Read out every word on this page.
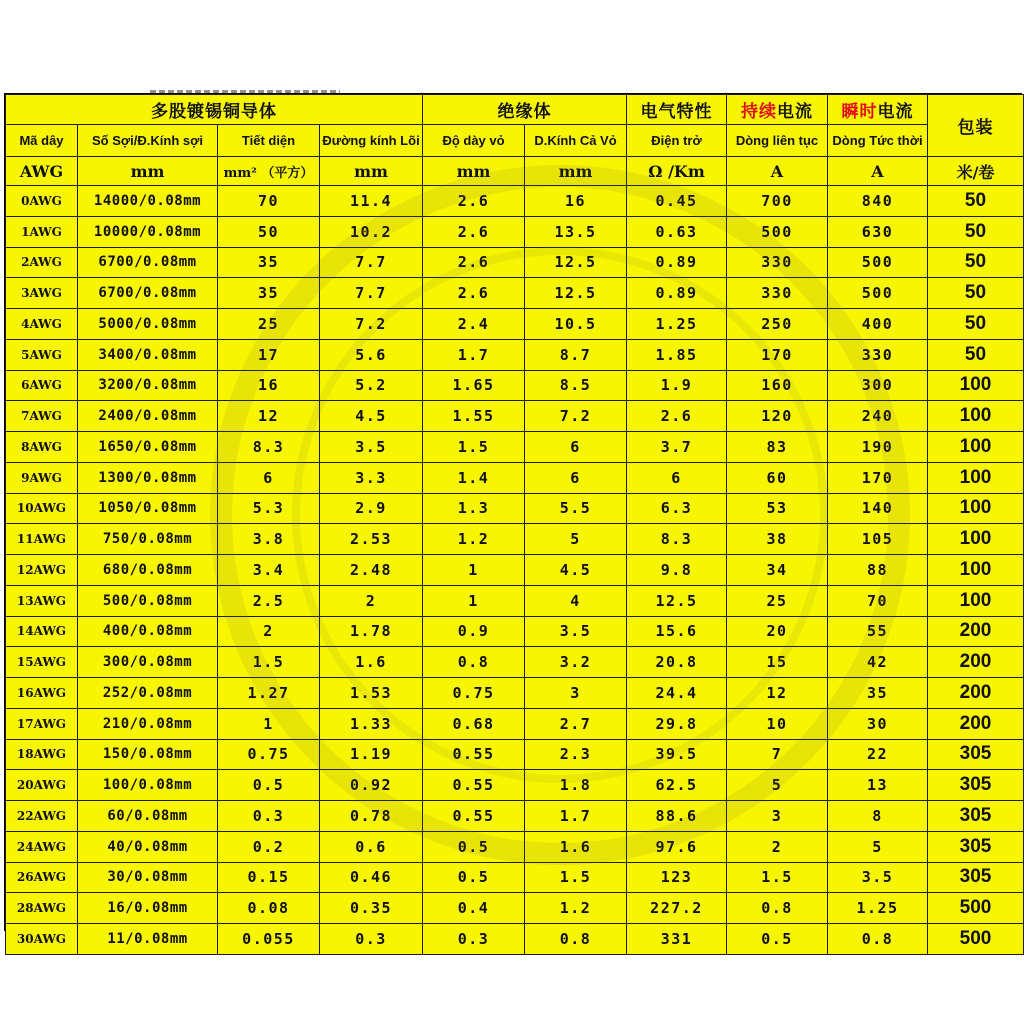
多股镀锡铜导体				绝缘体		电气特性	持续电流	瞬时电流	包装
Mã dây	Số Sợi/Đ.Kính sợi	Tiết diện	Đường kính Lõi	Độ dày vỏ	D.Kính Cả Vỏ	Điện trở	Dòng liên tục	Dòng Tức thời	
AWG	mm	mm² （平方）	mm	mm	mm	Ω /Km	A	A	米/卷
0AWG	14000/0.08mm	70	11.4	2.6	16	0.45	700	840	50
1AWG	10000/0.08mm	50	10.2	2.6	13.5	0.63	500	630	50
2AWG	6700/0.08mm	35	7.7	2.6	12.5	0.89	330	500	50
3AWG	6700/0.08mm	35	7.7	2.6	12.5	0.89	330	500	50
4AWG	5000/0.08mm	25	7.2	2.4	10.5	1.25	250	400	50
5AWG	3400/0.08mm	17	5.6	1.7	8.7	1.85	170	330	50
6AWG	3200/0.08mm	16	5.2	1.65	8.5	1.9	160	300	100
7AWG	2400/0.08mm	12	4.5	1.55	7.2	2.6	120	240	100
8AWG	1650/0.08mm	8.3	3.5	1.5	6	3.7	83	190	100
9AWG	1300/0.08mm	6	3.3	1.4	6	6	60	170	100
10AWG	1050/0.08mm	5.3	2.9	1.3	5.5	6.3	53	140	100
11AWG	750/0.08mm	3.8	2.53	1.2	5	8.3	38	105	100
12AWG	680/0.08mm	3.4	2.48	1	4.5	9.8	34	88	100
13AWG	500/0.08mm	2.5	2	1	4	12.5	25	70	100
14AWG	400/0.08mm	2	1.78	0.9	3.5	15.6	20	55	200
15AWG	300/0.08mm	1.5	1.6	0.8	3.2	20.8	15	42	200
16AWG	252/0.08mm	1.27	1.53	0.75	3	24.4	12	35	200
17AWG	210/0.08mm	1	1.33	0.68	2.7	29.8	10	30	200
18AWG	150/0.08mm	0.75	1.19	0.55	2.3	39.5	7	22	305
20AWG	100/0.08mm	0.5	0.92	0.55	1.8	62.5	5	13	305
22AWG	60/0.08mm	0.3	0.78	0.55	1.7	88.6	3	8	305
24AWG	40/0.08mm	0.2	0.6	0.5	1.6	97.6	2	5	305
26AWG	30/0.08mm	0.15	0.46	0.5	1.5	123	1.5	3.5	305
28AWG	16/0.08mm	0.08	0.35	0.4	1.2	227.2	0.8	1.25	500
30AWG	11/0.08mm	0.055	0.3	0.3	0.8	331	0.5	0.8	500
